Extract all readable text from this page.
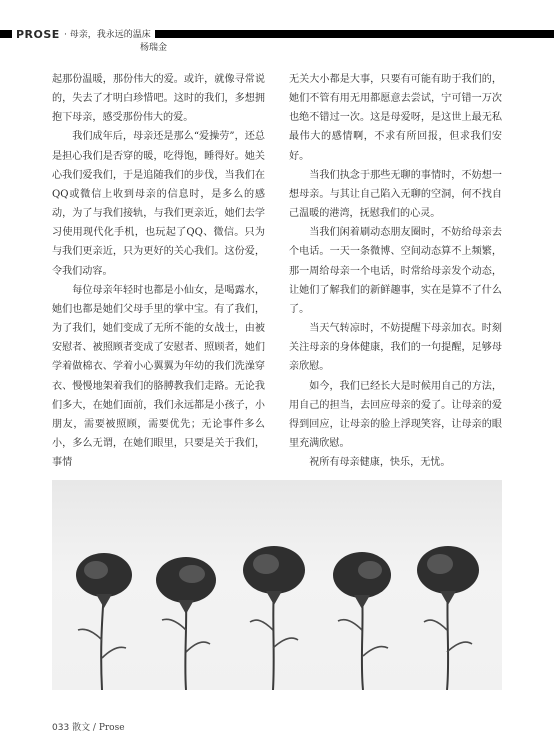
PROSE · 母亲，我永远的温床
杨瑞金

起那份温暖，那份伟大的爱。或许，就像寻常说的，失去了才明白珍惜吧。这时的我们，多想拥抱下母亲，感受那份伟大的爱。

我们成年后，母亲还是那么“爱操劳”，还总是担心我们是否穿的暖，吃得饱，睡得好。她关心我们爱我们，于是追随我们的步伐，当我们在QQ或微信上收到母亲的信息时，是多么的感动，为了与我们接轨，与我们更亲近，她们去学习使用现代化手机，也玩起了QQ、微信。只为与我们更亲近，只为更好的关心我们。这份爱，令我们动容。

每位母亲年轻时也都是小仙女，是喝露水，她们也都是她们父母手里的掌中宝。有了我们，为了我们，她们变成了无所不能的女战士，由被安慰者、被照顾者变成了安慰者、照顾者，她们学着做棉衣、学着小心翼翼为年幼的我们洗澡穿衣、慢慢地架着我们的胳膊教我们走路。无论我们多大，在她们面前，我们永远都是小孩子，小朋友，需要被照顾，需要优先；无论事件多么小，多么无谓，在她们眼里，只要是关于我们，事情

无关大小都是大事，只要有可能有助于我们的，她们不管有用无用都愿意去尝试，宁可错一万次也绝不错过一次。这是母爱呀，是这世上最无私最伟大的感情啊，不求有所回报，但求我们安好。

当我们执念于那些无聊的事情时，不妨想一想母亲。与其让自己陷入无聊的空洞，何不找自己温暖的港湾，抚慰我们的心灵。

当我们闲着刷动态朋友圈时，不妨给母亲去个电话。一天一条微博、空间动态算不上频繁，那一周给母亲一个电话，时常给母亲发个动态，让她们了解我们的新鲜趣事，实在是算不了什么了。

当天气转凉时，不妨提醒下母亲加衣。时刻关注母亲的身体健康，我们的一句提醒，足够母亲欣慰。

如今，我们已经长大是时候用自己的方法，用自己的担当，去回应母亲的爱了。让母亲的爱得到回应，让母亲的脸上浮现笑容，让母亲的眼里充满欣慰。

祝所有母亲健康，快乐，无忧。

033 散文 / Prose
